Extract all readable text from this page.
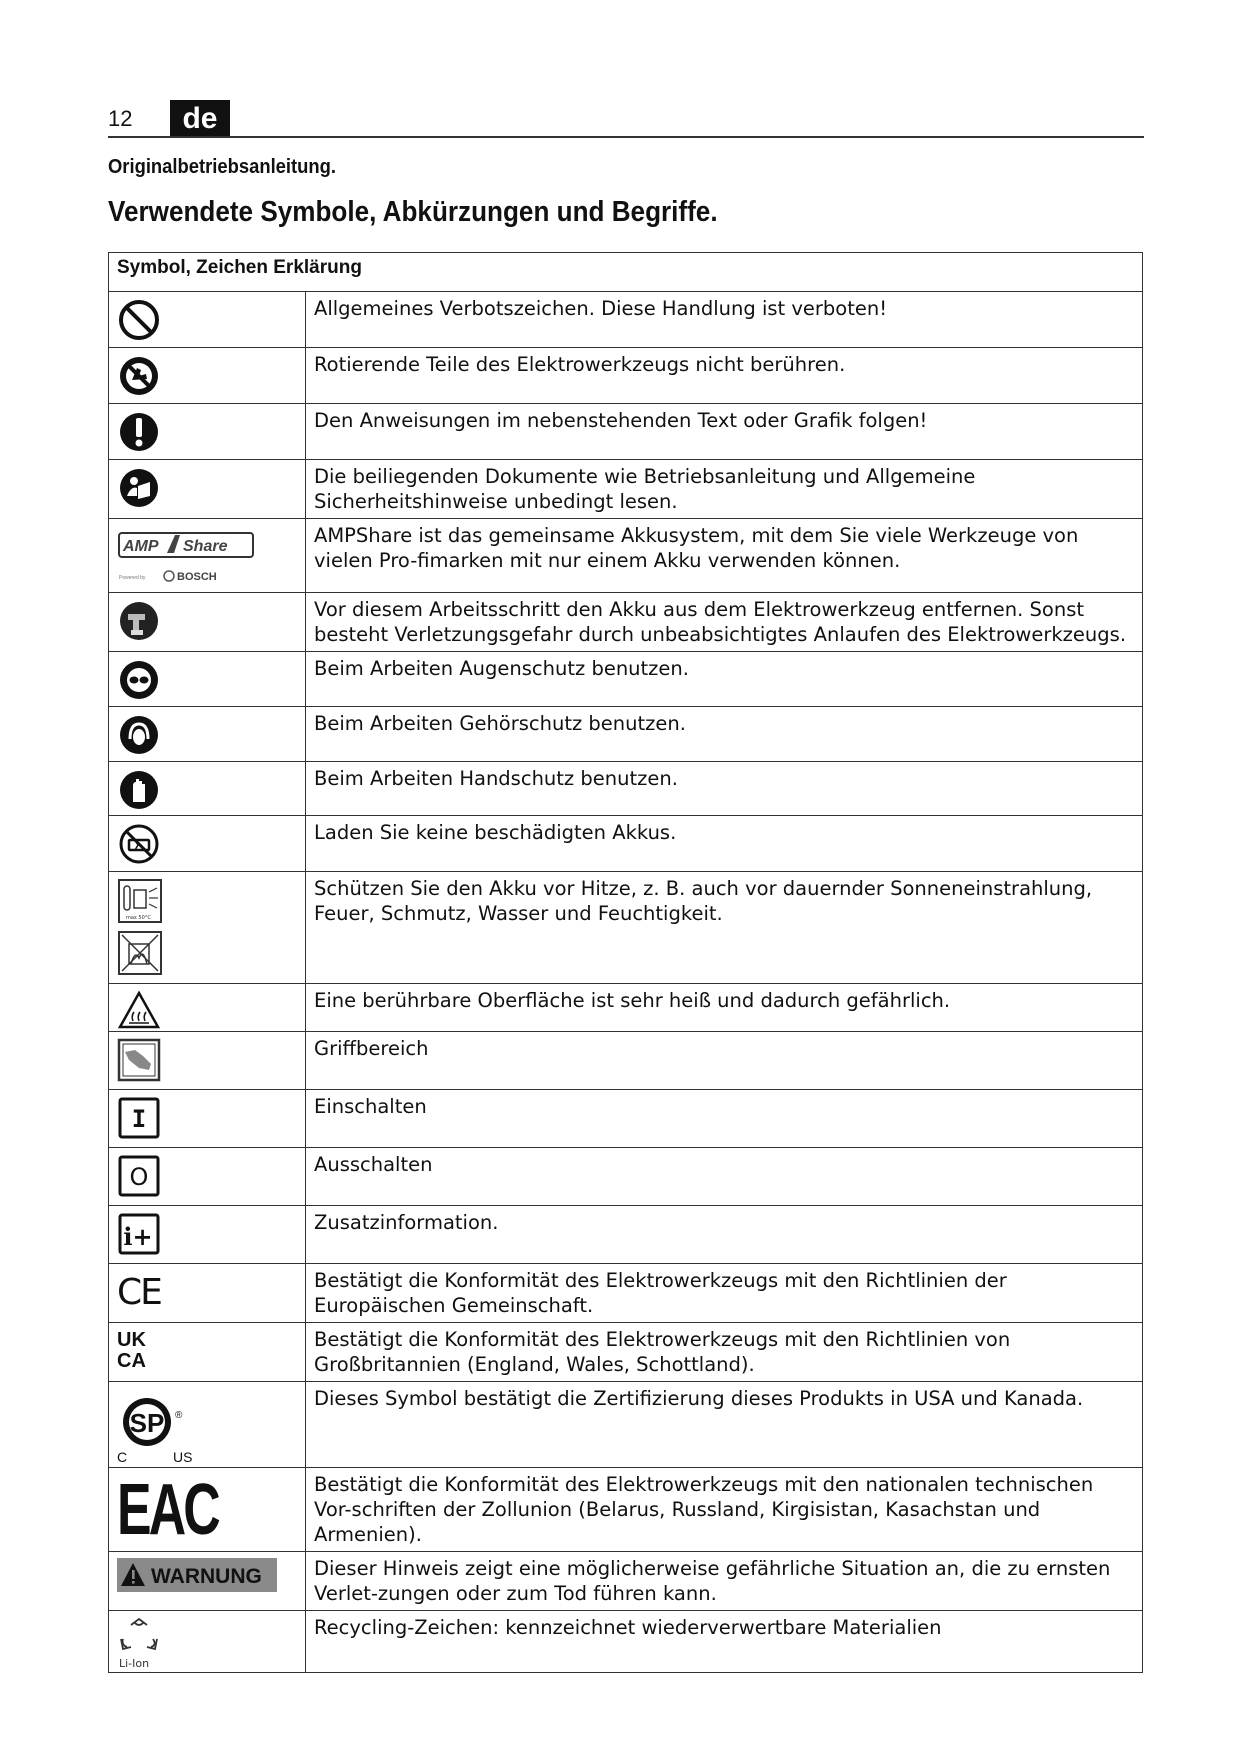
12	de
Originalbetriebsanleitung.
Verwendete Symbole, Abkürzungen und Begriffe.
Symbol, Zeichen Erklärung	

	Allgemeines Verbotszeichen. Diese Handlung ist verboten!

	Rotierende Teile des Elektrowerkzeugs nicht berühren.

	Den Anweisungen im nebenstehenden Text oder Grafik folgen!

	Die beiliegenden Dokumente wie Betriebsanleitung und Allgemeine Sicherheitshinweise unbedingt lesen.

AMP Share
Powered by BOSCH	AMPShare ist das gemeinsame Akkusystem, mit dem Sie viele Werkzeuge von vielen Pro-fimarken mit nur einem Akku verwenden können.

	Vor diesem Arbeitsschritt den Akku aus dem Elektrowerkzeug entfernen. Sonst besteht Verletzungsgefahr durch unbeabsichtigtes Anlaufen des Elektrowerkzeugs.

	Beim Arbeiten Augenschutz benutzen.

	Beim Arbeiten Gehörschutz benutzen.

	Beim Arbeiten Handschutz benutzen.

	Laden Sie keine beschädigten Akkus.

max 50°C	Schützen Sie den Akku vor Hitze, z. B. auch vor dauernder Sonneneinstrahlung, Feuer, Schmutz, Wasser und Feuchtigkeit.

	Eine berührbare Oberfläche ist sehr heiß und dadurch gefährlich.

	Griffbereich

I	Einschalten

O	Ausschalten

i+	Zusatzinformation.

CE	Bestätigt die Konformität des Elektrowerkzeugs mit den Richtlinien der Europäischen Gemeinschaft.

UK
CA	Bestätigt die Konformität des Elektrowerkzeugs mit den Richtlinien von Großbritannien (England, Wales, Schottland).

SP ®
C US	Dieses Symbol bestätigt die Zertifizierung dieses Produkts in USA und Kanada.

EAC	Bestätigt die Konformität des Elektrowerkzeugs mit den nationalen technischen Vor-schriften der Zollunion (Belarus, Russland, Kirgisistan, Kasachstan und Armenien).

WARNUNG	Dieser Hinweis zeigt eine möglicherweise gefährliche Situation an, die zu ernsten Verlet-zungen oder zum Tod führen kann.

Li-Ion	Recycling-Zeichen: kennzeichnet wiederverwertbare Materialien
